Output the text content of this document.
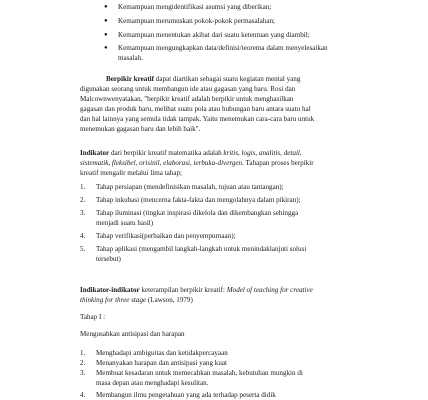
● Kemampuan mengidentifikasi asumsi yang diberikan;
● Kemampuan merumuskan pokok-pokok permasalahan;
● Kemampuan menentukan akibat dari suatu ketentuan yang diambil;
● Kemampuan mengungkapkan data/definisi/teorema dalam menyelesaikan
masalah.
Berpikir kreatif dapat diartikan sebagai suatu kegiatan mental yang
digunakan seorang untuk membangun ide atau gagasan yang baru. Rosi dan
Malcownwenyatakan, "berpikir kreatif adalah berpikir untuk menghasilkan
gagasan dan produk baru, melihat suatu pola atau hubungan baru antara suatu hal
dan hal lainnya yang semula tidak tampak. Yaitu menemukan cara-cara baru untuk
menemukan gagasan baru dan lebih baik".
Indikator dari berpikir kreatif matematika adalah kritis, logis, analitis, detail,
sistematik, fleksibel, orisinil, elaborasi, terbuka-divergen. Tahapan proses berpikir
kreatif mengalir melalui lima tahap;
1. Tahap persiapan (mendefinisikan masalah, tujuan atau tantangan);
2. Tahap inkubasi (mencerna fakta-fakta dan mengolahnya dalam pikiran);
3. Tahap iluminasi (tingkat inspirasi dikelola dan dikembangkan sehingga
menjadi suatu hasil)
4. Tahap verifikasi(perbaikan dan penyempurnaan);
5. Tahap aplikasi (mengambil langkah-langkah untuk menindaklanjuti solusi
tersebut)
Indikator-indikator keterampilan berpikir kreatif: Model of teaching for creative
thinking for three stage (Lawson, 1979)
Tahap I :
Mengusahkan antisipasi dan harapan
1. Menghadapi ambiguitas dan ketidakpercayaan
2. Menanyakan harapan dan antisipasi yang kuat
3. Membuat kesadaran untuk memecahkan masalah, kebutuhan mungkin di
masa depan atau menghadapi kesulitan.
4. Membangun ilmu pengetahuan yang ada terhadap peserta didik
